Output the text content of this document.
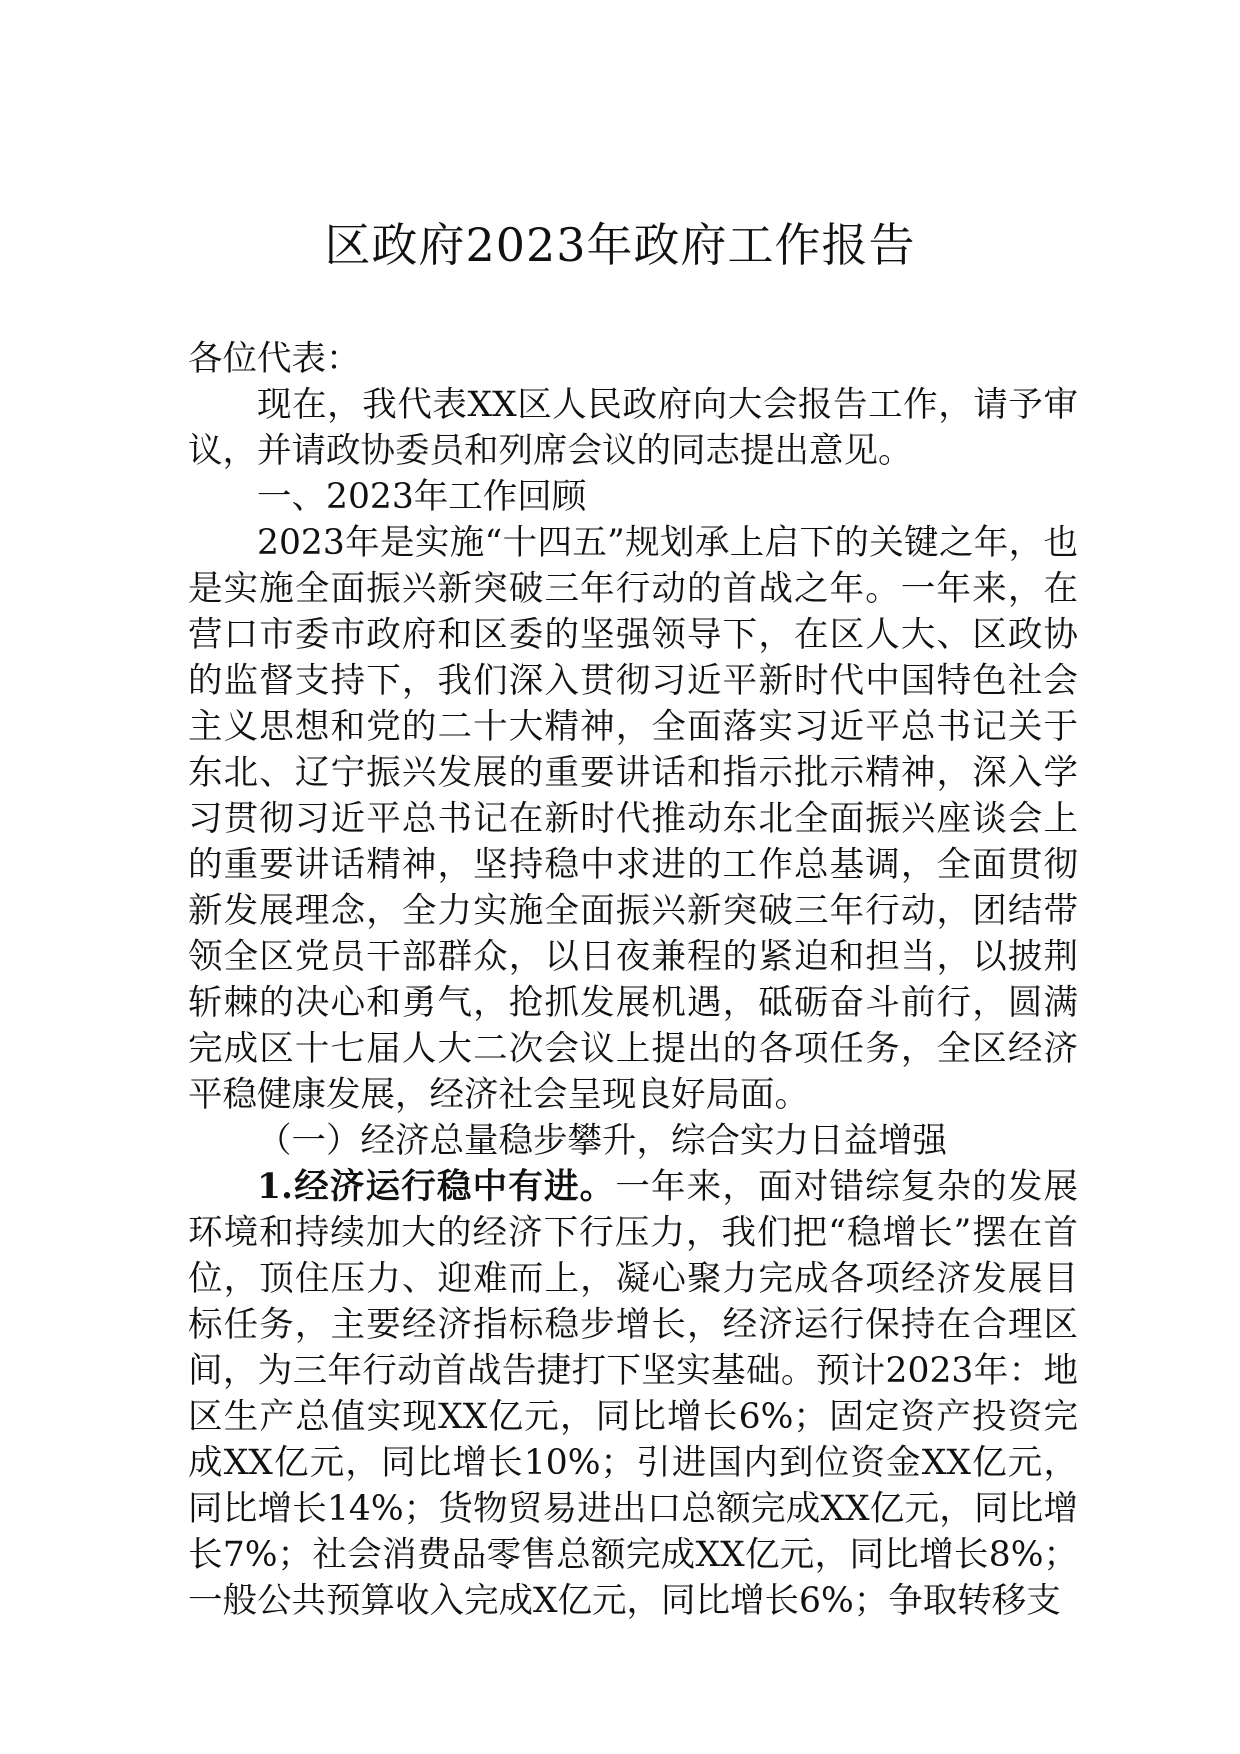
区政府2023年政府工作报告

各位代表：

现在，我代表XX区人民政府向大会报告工作，请予审议，并请政协委员和列席会议的同志提出意见。

一、2023年工作回顾

2023年是实施“十四五”规划承上启下的关键之年，也是实施全面振兴新突破三年行动的首战之年。一年来，在营口市委市政府和区委的坚强领导下，在区人大、区政协的监督支持下，我们深入贯彻习近平新时代中国特色社会主义思想和党的二十大精神，全面落实习近平总书记关于东北、辽宁振兴发展的重要讲话和指示批示精神，深入学习贯彻习近平总书记在新时代推动东北全面振兴座谈会上的重要讲话精神，坚持稳中求进的工作总基调，全面贯彻新发展理念，全力实施全面振兴新突破三年行动，团结带领全区党员干部群众，以日夜兼程的紧迫和担当，以披荆斩棘的决心和勇气，抢抓发展机遇，砥砺奋斗前行，圆满完成区十七届人大二次会议上提出的各项任务，全区经济平稳健康发展，经济社会呈现良好局面。

（一）经济总量稳步攀升，综合实力日益增强

1.经济运行稳中有进。一年来，面对错综复杂的发展环境和持续加大的经济下行压力，我们把“稳增长”摆在首位，顶住压力、迎难而上，凝心聚力完成各项经济发展目标任务，主要经济指标稳步增长，经济运行保持在合理区间，为三年行动首战告捷打下坚实基础。预计2023年：地区生产总值实现XX亿元，同比增长6%；固定资产投资完成XX亿元，同比增长10%；引进国内到位资金XX亿元，同比增长14%；货物贸易进出口总额完成XX亿元，同比增长7%；社会消费品零售总额完成XX亿元，同比增长8%；一般公共预算收入完成X亿元，同比增长6%；争取转移支
